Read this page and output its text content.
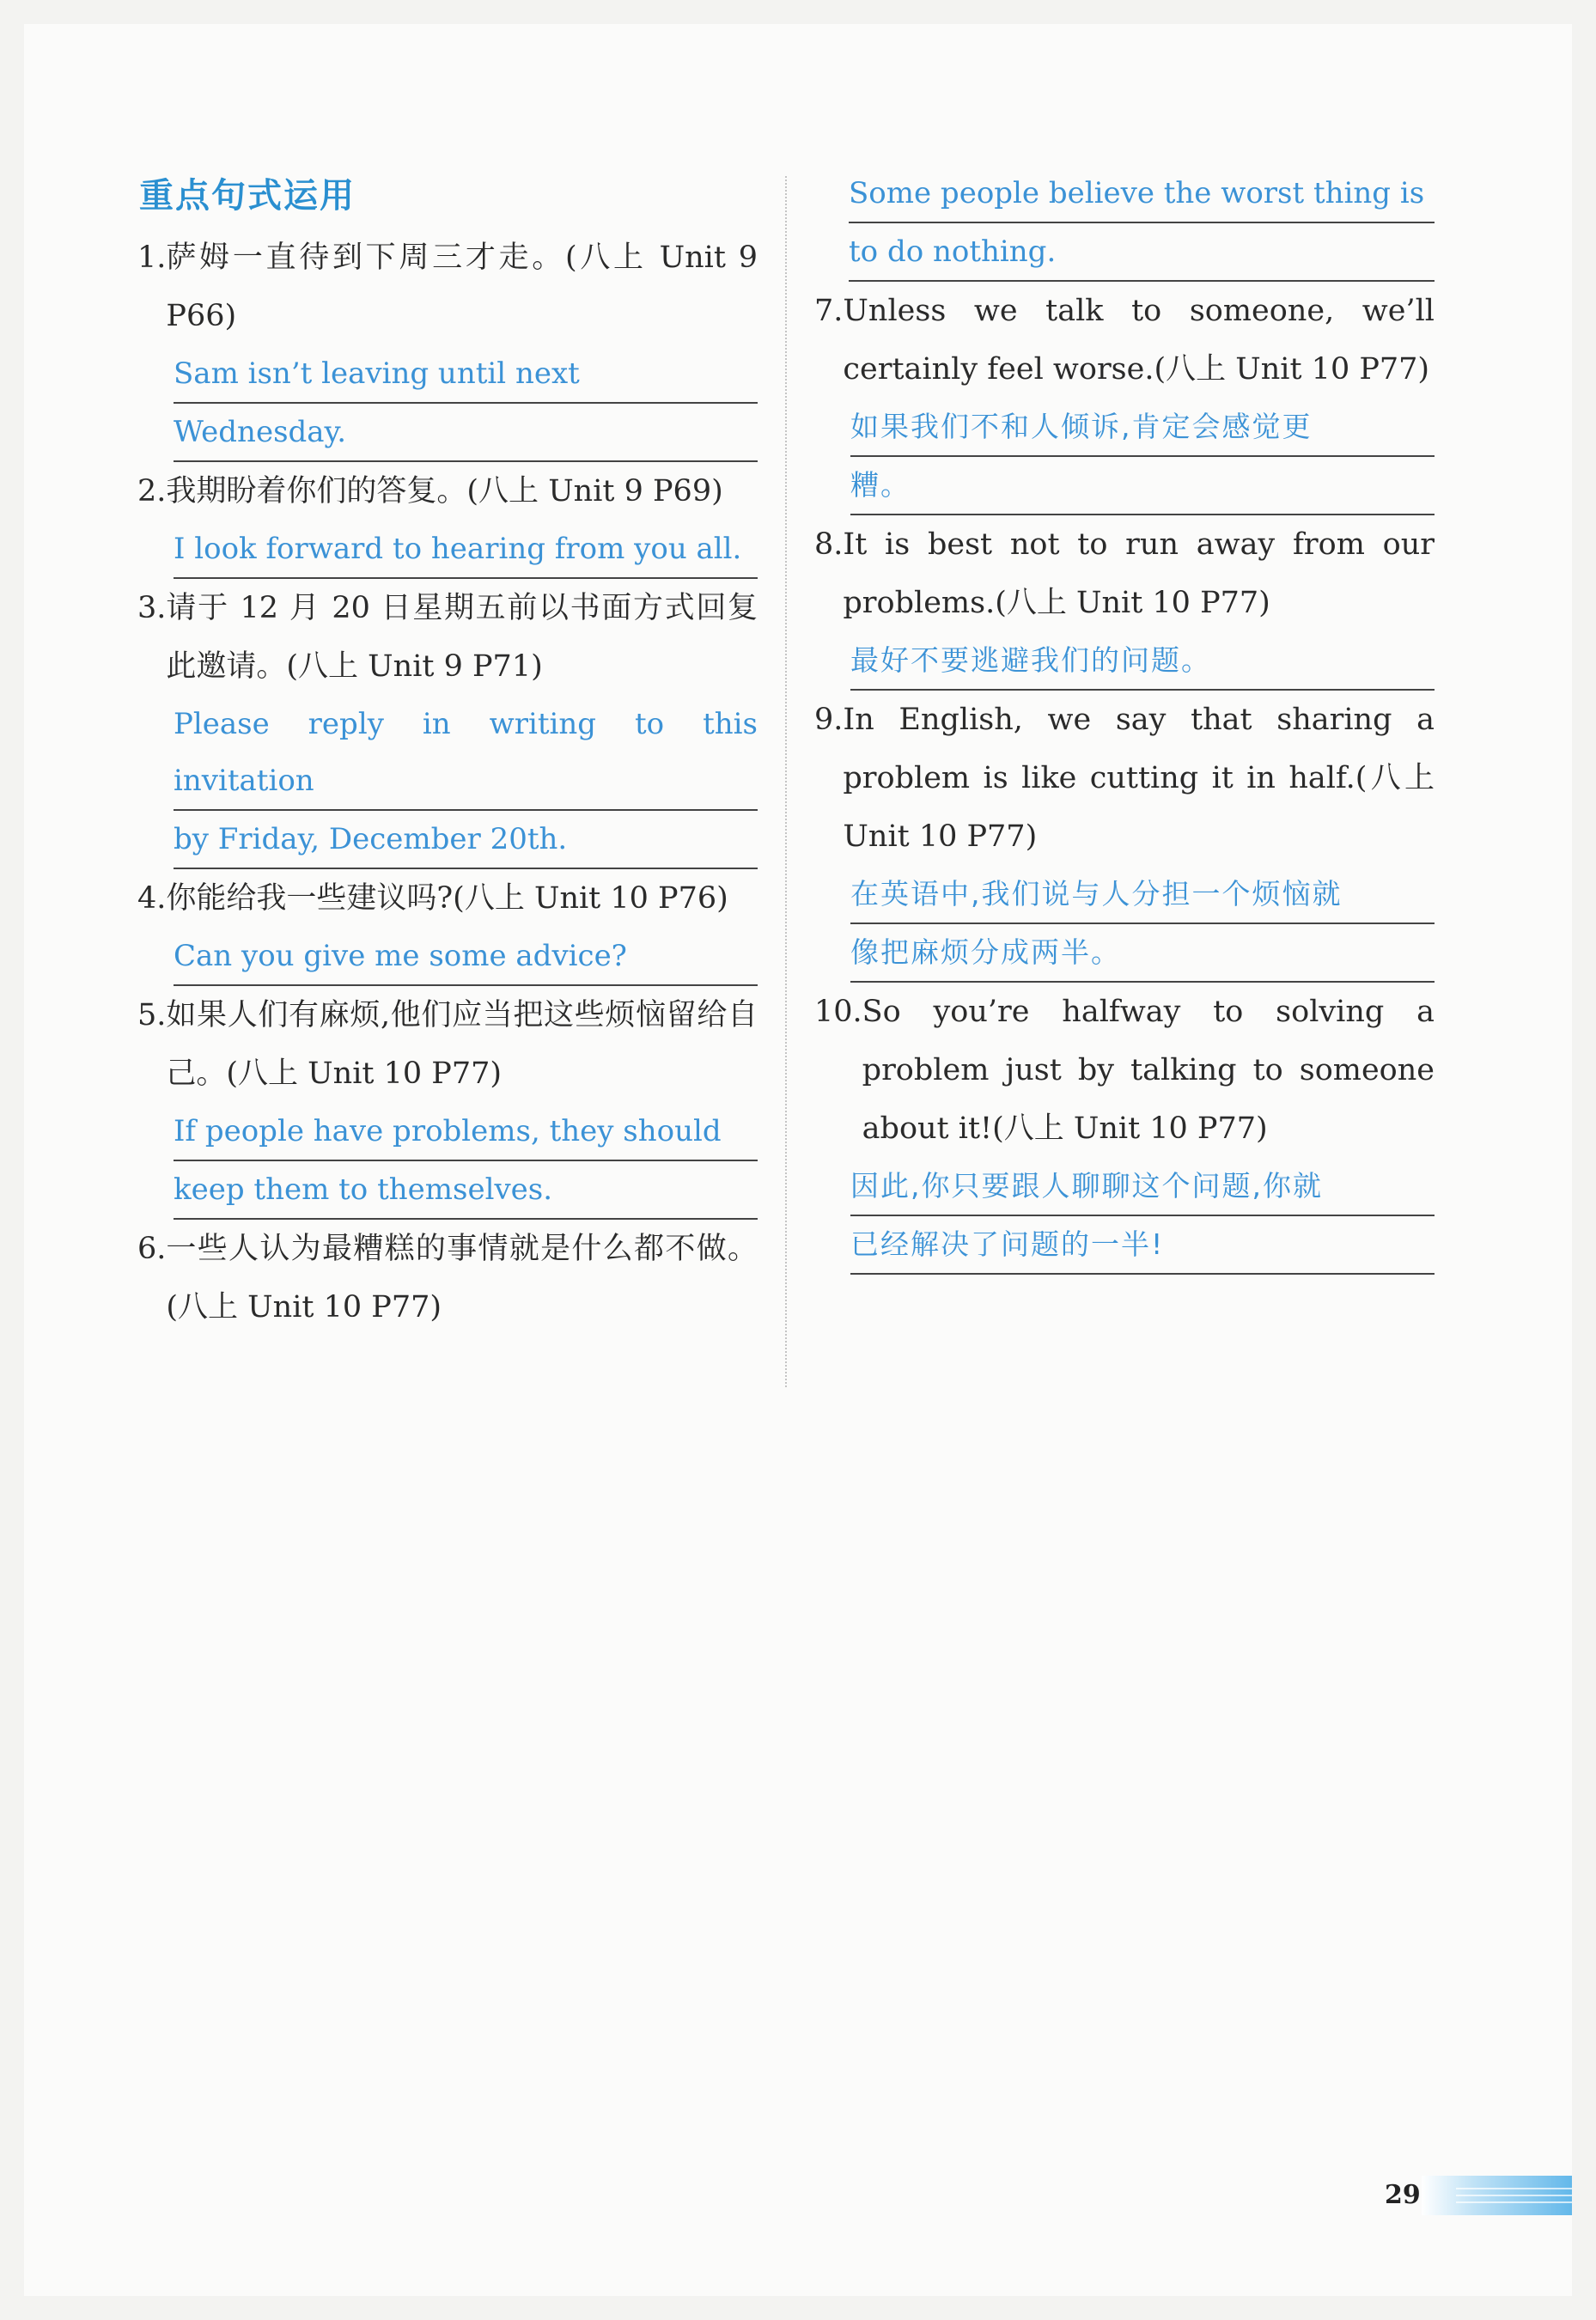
重点句式运用
1. 萨姆一直待到下周三才走。(八上 Unit 9 P66)
Sam isn’t leaving until next
Wednesday.
2. 我期盼着你们的答复。(八上 Unit 9 P69)
I look forward to hearing from you all.
3. 请于 12 月 20 日星期五前以书面方式回复此邀请。(八上 Unit 9 P71)
Please reply in writing to this invitation
by Friday, December 20th.
4. 你能给我一些建议吗?(八上 Unit 10 P76)
Can you give me some advice?
5. 如果人们有麻烦,他们应当把这些烦恼留给自己。(八上 Unit 10 P77)
If people have problems, they should
keep them to themselves.
6. 一些人认为最糟糕的事情就是什么都不做。(八上 Unit 10 P77)
Some people believe the worst thing is
to do nothing.
7. Unless we talk to someone, we’ll certainly feel worse.(八上 Unit 10 P77)
如果我们不和人倾诉,肯定会感觉更
糟。
8. It is best not to run away from our problems.(八上 Unit 10 P77)
最好不要逃避我们的问题。
9. In English, we say that sharing a problem is like cutting it in half.(八上 Unit 10 P77)
在英语中,我们说与人分担一个烦恼就
像把麻烦分成两半。
10. So you’re halfway to solving a problem just by talking to someone about it!(八上 Unit 10 P77)
因此,你只要跟人聊聊这个问题,你就
已经解决了问题的一半!
29
